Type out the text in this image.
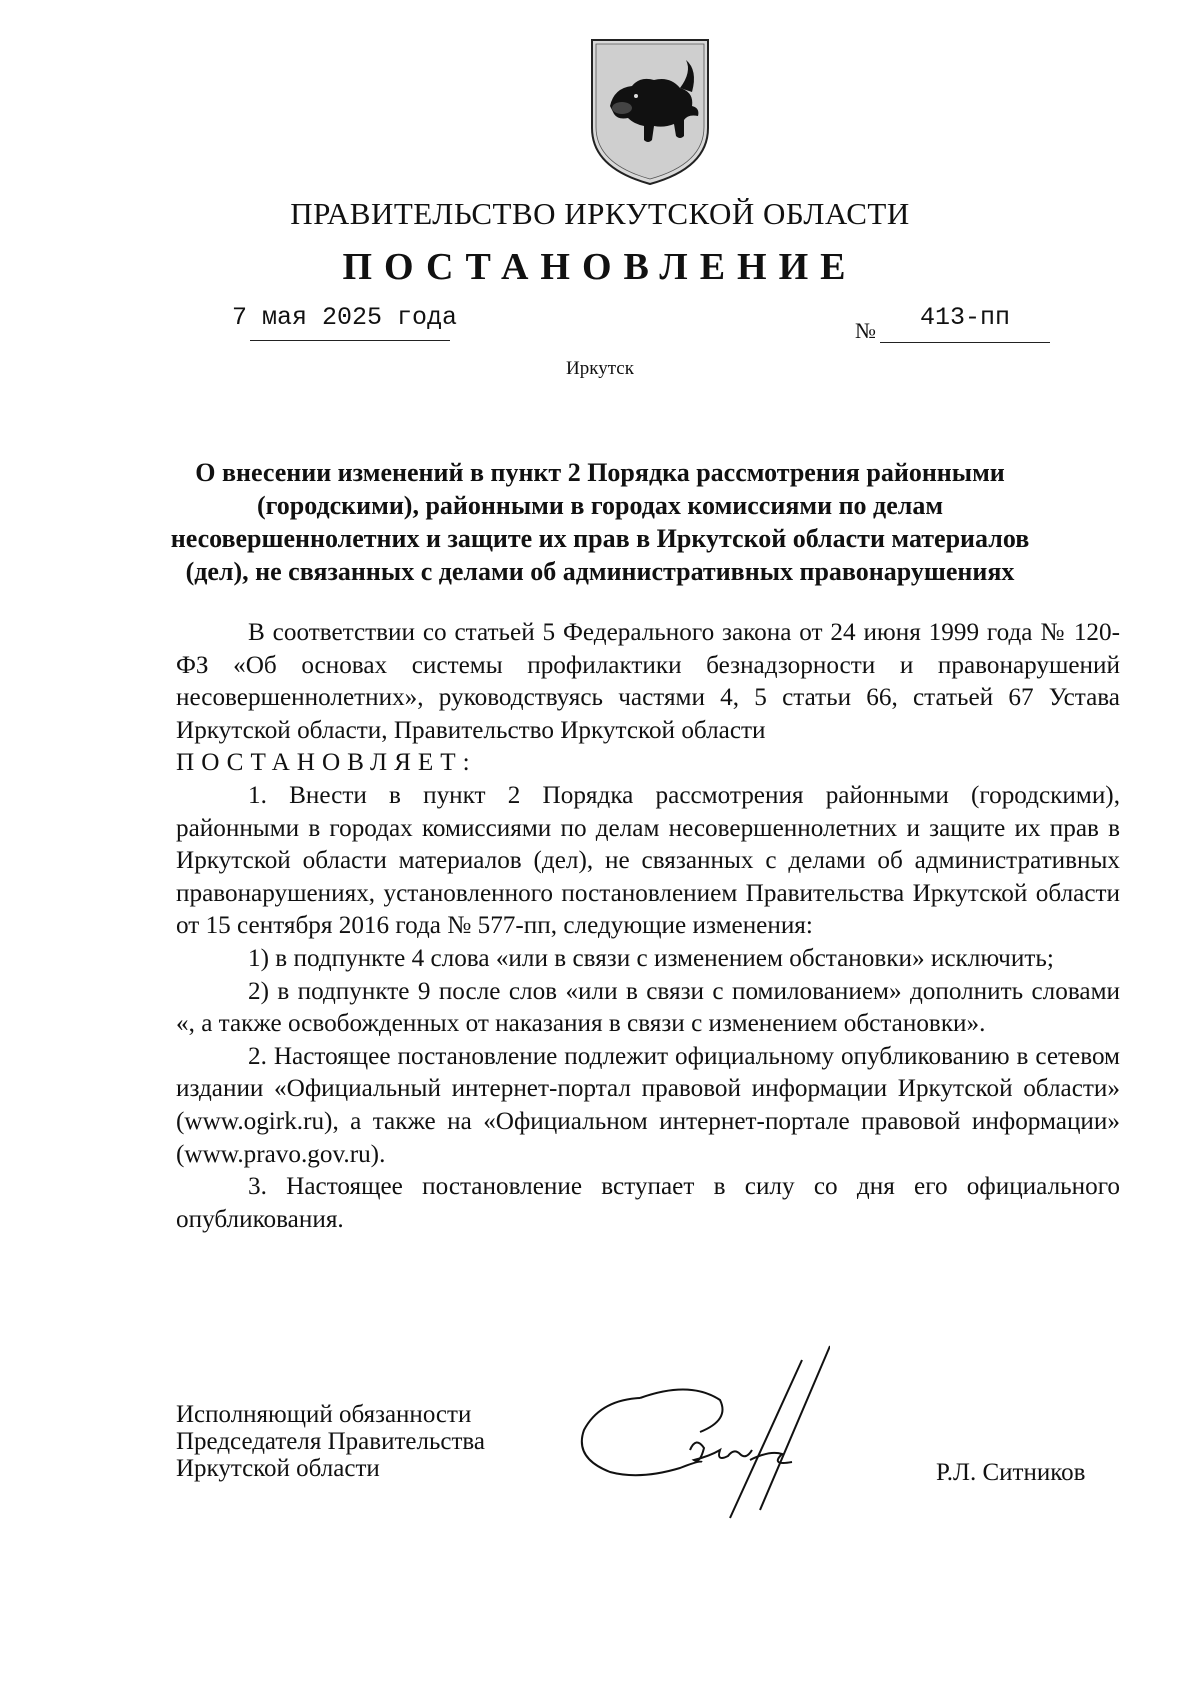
ПРАВИТЕЛЬСТВО ИРКУТСКОЙ ОБЛАСТИ
ПОСТАНОВЛЕНИЕ
7 мая 2025 года	№ 413-пп
Иркутск
О внесении изменений в пункт 2 Порядка рассмотрения районными
(городскими), районными в городах комиссиями по делам
несовершеннолетних и защите их прав в Иркутской области материалов
(дел), не связанных с делами об административных правонарушениях

В соответствии со статьей 5 Федерального закона от 24 июня 1999 года № 120-ФЗ «Об основах системы профилактики безнадзорности и правонарушений несовершеннолетних», руководствуясь частями 4, 5 статьи 66, статьей 67 Устава Иркутской области, Правительство Иркутской области

ПОСТАНОВЛЯЕТ:

1. Внести в пункт 2 Порядка рассмотрения районными (городскими), районными в городах комиссиями по делам несовершеннолетних и защите их прав в Иркутской области материалов (дел), не связанных с делами об административных правонарушениях, установленного постановлением Правительства Иркутской области от 15 сентября 2016 года № 577-пп, следующие изменения:

1) в подпункте 4 слова «или в связи с изменением обстановки» исключить;

2) в подпункте 9 после слов «или в связи с помилованием» дополнить словами «, а также освобожденных от наказания в связи с изменением обстановки».

2. Настоящее постановление подлежит официальному опубликованию в сетевом издании «Официальный интернет-портал правовой информации Иркутской области» (www.ogirk.ru), а также на «Официальном интернет-портале правовой информации» (www.pravo.gov.ru).

3. Настоящее постановление вступает в силу со дня его официального опубликования.

Исполняющий обязанности
Председателя Правительства
Иркутской области	Р.Л. Ситников
